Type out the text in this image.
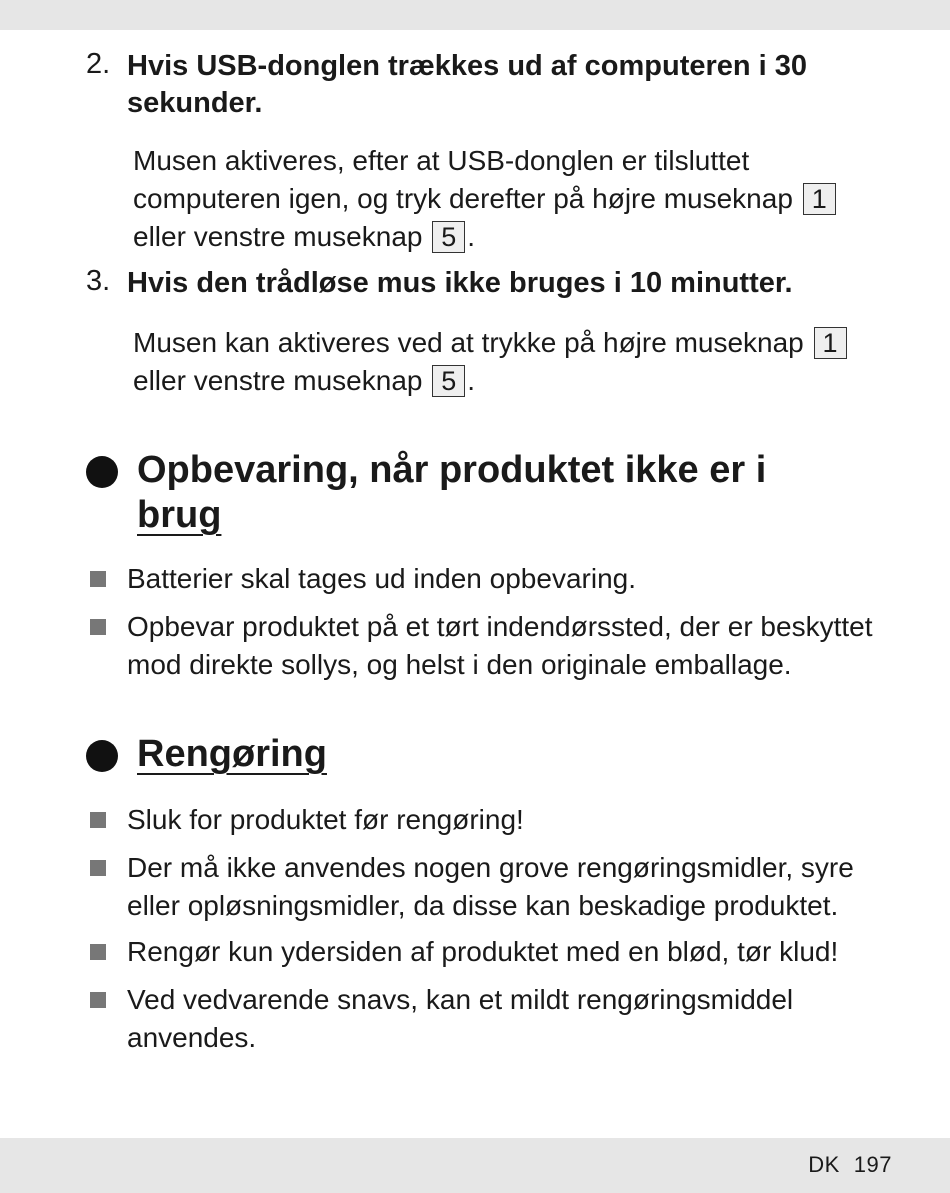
2. Hvis USB-donglen trækkes ud af computeren i 30 sekunder.
Musen aktiveres, efter at USB-donglen er tilsluttet computeren igen, og tryk derefter på højre museknap 1 eller venstre museknap 5 .
3. Hvis den trådløse mus ikke bruges i 10 minutter.
Musen kan aktiveres ved at trykke på højre museknap 1 eller venstre museknap 5 .
Opbevaring, når produktet ikke er i
brug
Batterier skal tages ud inden opbevaring.
Opbevar produktet på et tørt indendørssted, der er beskyttet mod direkte sollys, og helst i den originale emballage.
Rengøring
Sluk for produktet før rengøring!
Der må ikke anvendes nogen grove rengøringsmidler, syre eller opløsningsmidler, da disse kan beskadige produktet.
Rengør kun ydersiden af produktet med en blød, tør klud!
Ved vedvarende snavs, kan et mildt rengøringsmiddel anvendes.
DK 197
